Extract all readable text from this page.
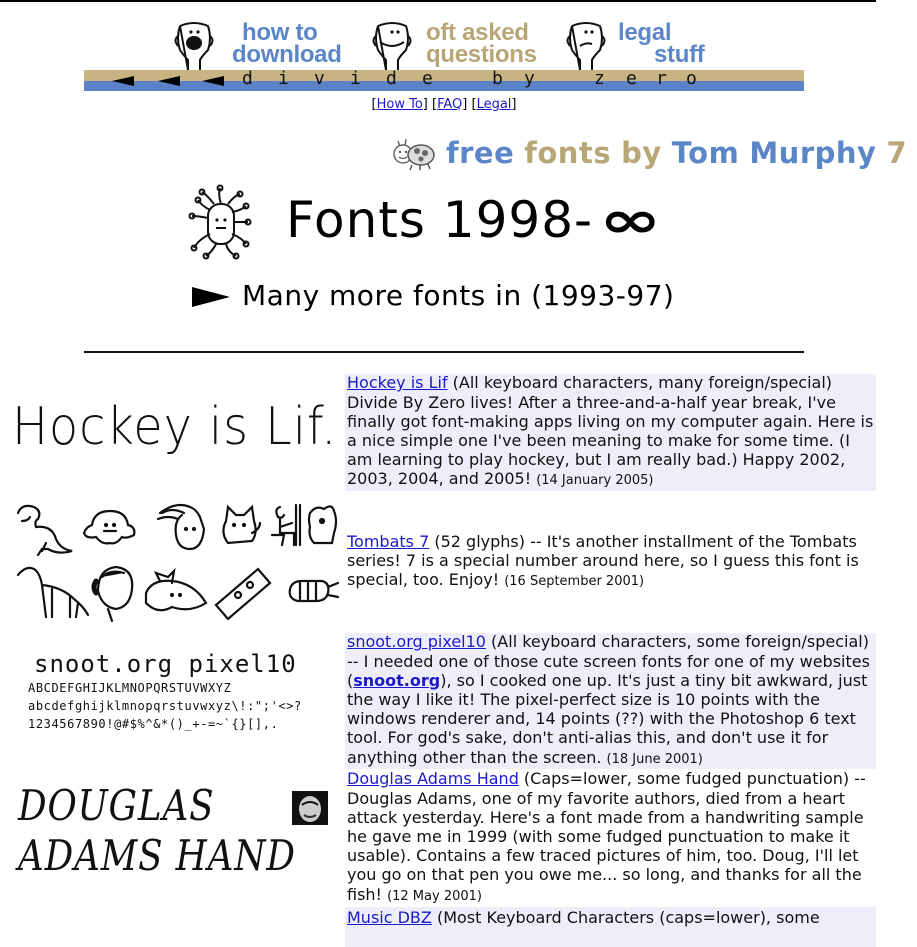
how to
download
oft asked
questions
legal
stuff
d i v i d e	b y	z e r o
[How To] [FAQ] [Legal]
free fonts by Tom Murphy 7
Fonts 1998- ∞
Many more fonts in (1993-97)
Hockey is Lif.
Hockey is Lif (All keyboard characters, many foreign/special) Divide By Zero lives! After a three-and-a-half year break, I've finally got font-making apps living on my computer again. Here is a nice simple one I've been meaning to make for some time. (I am learning to play hockey, but I am really bad.) Happy 2002, 2003, 2004, and 2005! (14 January 2005)
Tombats 7 (52 glyphs) -- It's another installment of the Tombats series! 7 is a special number around here, so I guess this font is special, too. Enjoy! (16 September 2001)
snoot.org pixel10
ABCDEFGHIJKLMNOPQRSTUVWXYZ
abcdefghijklmnopqrstuvwxyz\!:";'<>?
1234567890!@#$%^&*()_+-=~`{}[],.
snoot.org pixel10 (All keyboard characters, some foreign/special) -- I needed one of those cute screen fonts for one of my websites (snoot.org), so I cooked one up. It's just a tiny bit awkward, just the way I like it! The pixel-perfect size is 10 points with the windows renderer and, 14 points (??) with the Photoshop 6 text tool. For god's sake, don't anti-alias this, and don't use it for anything other than the screen. (18 June 2001)
DOUGLAS
ADAMS HAND
Douglas Adams Hand (Caps=lower, some fudged punctuation) -- Douglas Adams, one of my favorite authors, died from a heart attack yesterday. Here's a font made from a handwriting sample he gave me in 1999 (with some fudged punctuation to make it usable). Contains a few traced pictures of him, too. Doug, I'll let you go on that pen you owe me... so long, and thanks for all the fish! (12 May 2001)
Music DBZ (Most Keyboard Characters (caps=lower), some
